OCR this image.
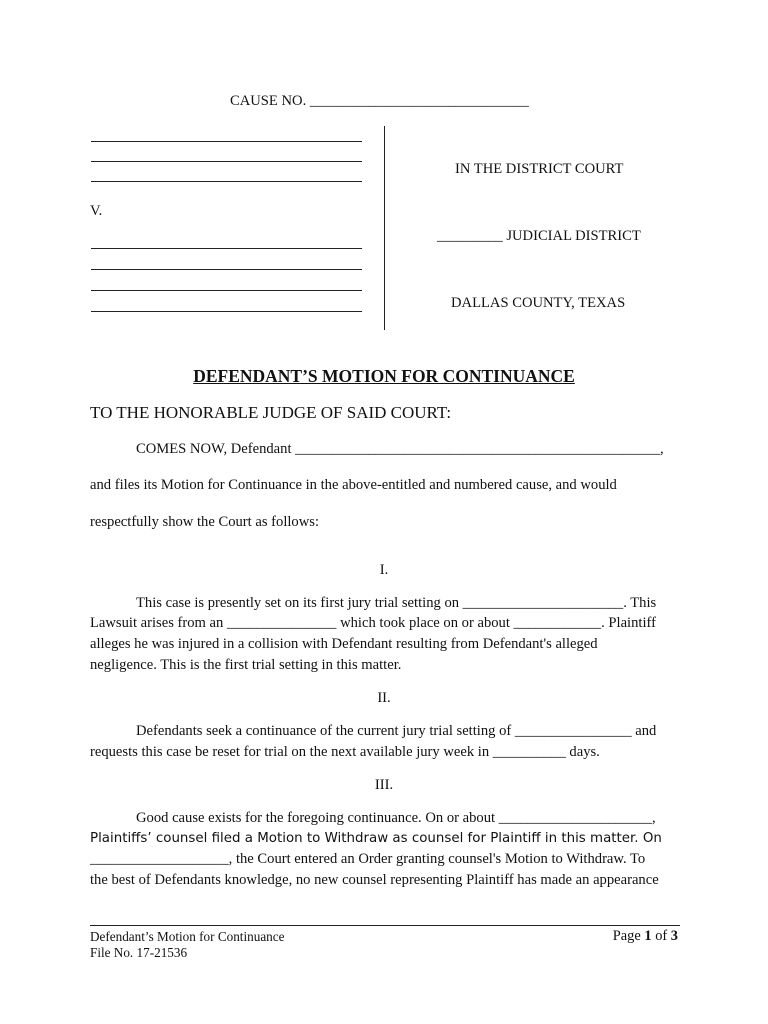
CAUSE NO. ______________________________
V.
IN THE DISTRICT COURT
_________ JUDICIAL DISTRICT
DALLAS COUNTY, TEXAS
DEFENDANT’S MOTION FOR CONTINUANCE
TO THE HONORABLE JUDGE OF SAID COURT:
COMES NOW, Defendant __________________________________________________,
and files its Motion for Continuance in the above-entitled and numbered cause, and would
respectfully show the Court as follows:
I.
This case is presently set on its first jury trial setting on ______________________. This
Lawsuit arises from an _______________ which took place on or about ____________. Plaintiff
alleges he was injured in a collision with Defendant resulting from Defendant's alleged
negligence. This is the first trial setting in this matter.
II.
Defendants seek a continuance of the current jury trial setting of ________________ and
requests this case be reset for trial on the next available jury week in __________ days.
III.
Good cause exists for the foregoing continuance. On or about _____________________,
Plaintiffs’ counsel filed a Motion to Withdraw as counsel for Plaintiff in this matter. On
___________________, the Court entered an Order granting counsel's Motion to Withdraw. To
the best of Defendants knowledge, no new counsel representing Plaintiff has made an appearance
Defendant’s Motion for Continuance
File No. 17-21536
Page 1 of 3
